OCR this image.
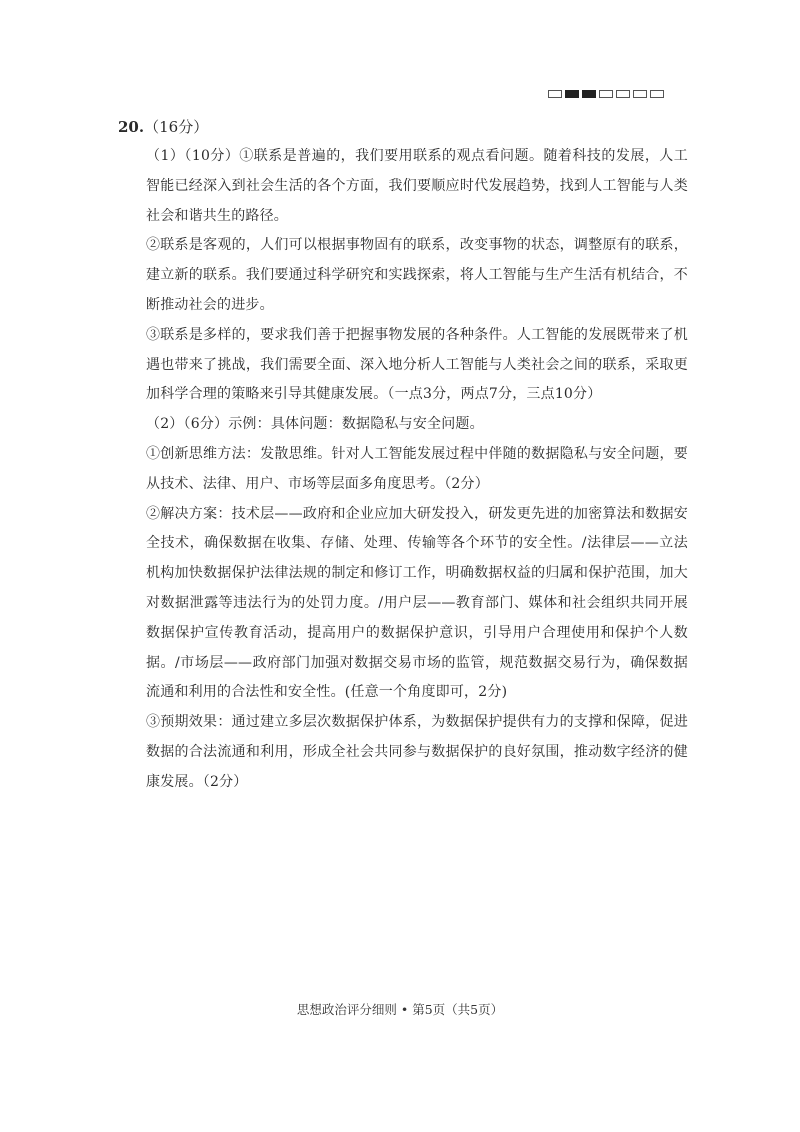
20.（16分）

（1）（10分）①联系是普遍的，我们要用联系的观点看问题。随着科技的发展，人工智能已经深入到社会生活的各个方面，我们要顺应时代发展趋势，找到人工智能与人类社会和谐共生的路径。

②联系是客观的，人们可以根据事物固有的联系，改变事物的状态，调整原有的联系，建立新的联系。我们要通过科学研究和实践探索，将人工智能与生产生活有机结合，不断推动社会的进步。

③联系是多样的，要求我们善于把握事物发展的各种条件。人工智能的发展既带来了机遇也带来了挑战，我们需要全面、深入地分析人工智能与人类社会之间的联系，采取更加科学合理的策略来引导其健康发展。（一点3分，两点7分，三点10分）

（2）（6分）示例：具体问题：数据隐私与安全问题。

①创新思维方法：发散思维。针对人工智能发展过程中伴随的数据隐私与安全问题，要从技术、法律、用户、市场等层面多角度思考。（2分）

②解决方案：技术层——政府和企业应加大研发投入，研发更先进的加密算法和数据安全技术，确保数据在收集、存储、处理、传输等各个环节的安全性。/法律层——立法机构加快数据保护法律法规的制定和修订工作，明确数据权益的归属和保护范围，加大对数据泄露等违法行为的处罚力度。/用户层——教育部门、媒体和社会组织共同开展数据保护宣传教育活动，提高用户的数据保护意识，引导用户合理使用和保护个人数据。/市场层——政府部门加强对数据交易市场的监管，规范数据交易行为，确保数据流通和利用的合法性和安全性。(任意一个角度即可，2分)

③预期效果：通过建立多层次数据保护体系，为数据保护提供有力的支撑和保障，促进数据的合法流通和利用，形成全社会共同参与数据保护的良好氛围，推动数字经济的健康发展。（2分）

思想政治评分细则 • 第5页（共5页）
